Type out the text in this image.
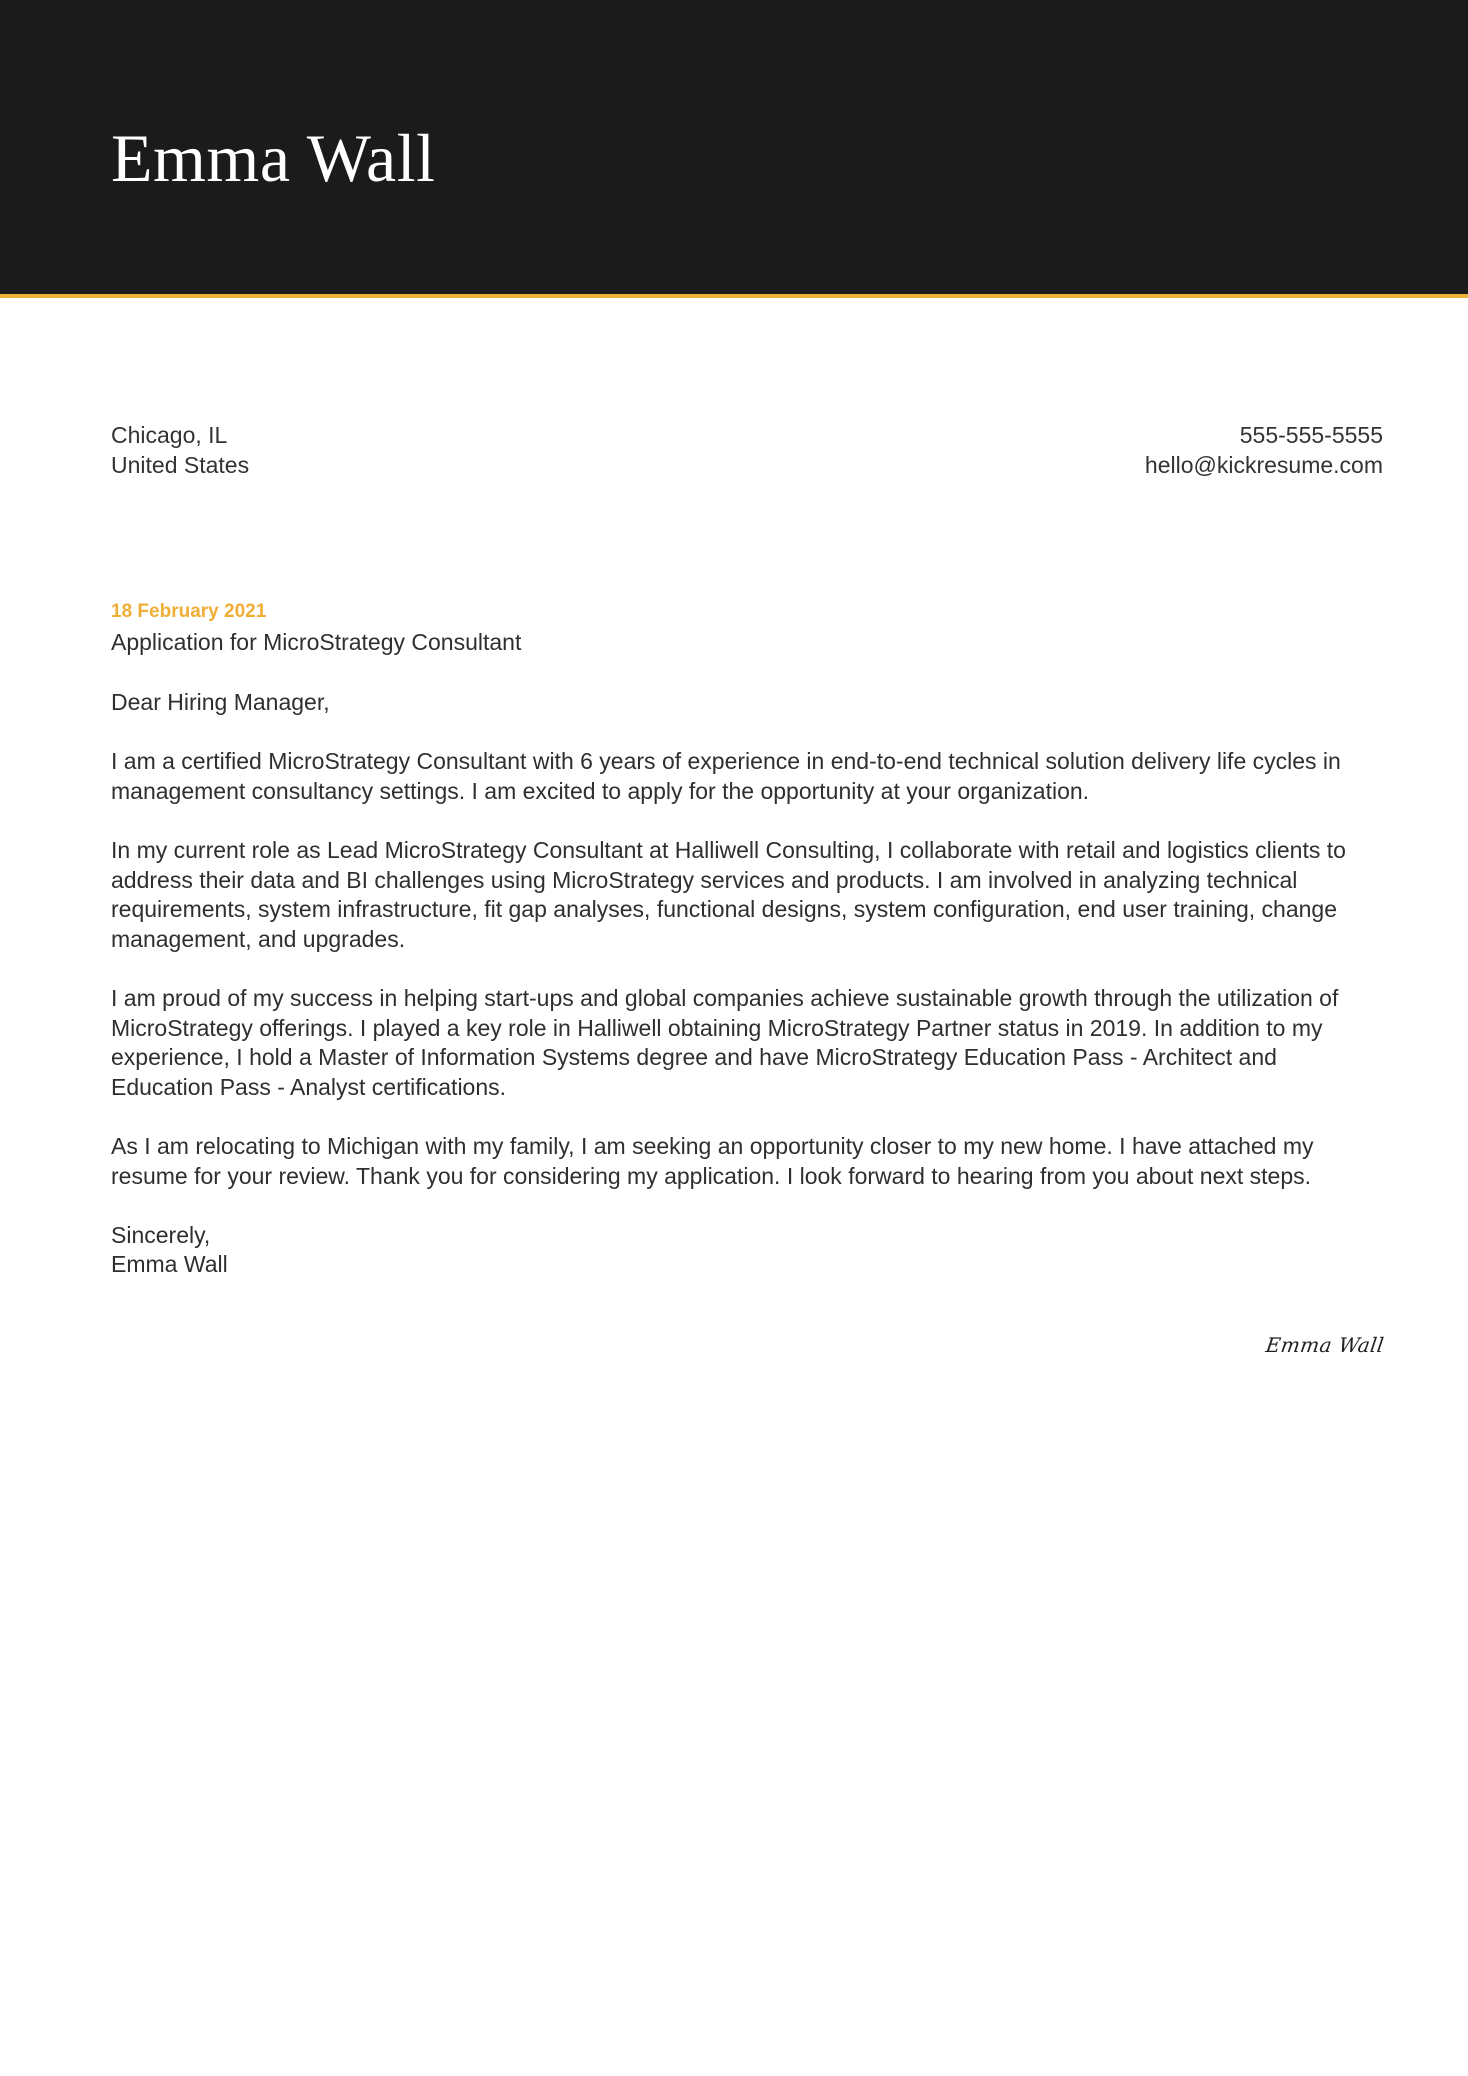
Emma Wall
Chicago, IL
United States
555-555-5555
hello@kickresume.com
18 February 2021
Application for MicroStrategy Consultant
Dear Hiring Manager,

I am a certified MicroStrategy Consultant with 6 years of experience in end-to-end technical solution delivery life cycles in management consultancy settings. I am excited to apply for the opportunity at your organization.

In my current role as Lead MicroStrategy Consultant at Halliwell Consulting, I collaborate with retail and logistics clients to address their data and BI challenges using MicroStrategy services and products. I am involved in analyzing technical requirements, system infrastructure, fit gap analyses, functional designs, system configuration, end user training, change management, and upgrades.

I am proud of my success in helping start-ups and global companies achieve sustainable growth through the utilization of MicroStrategy offerings. I played a key role in Halliwell obtaining MicroStrategy Partner status in 2019. In addition to my experience, I hold a Master of Information Systems degree and have MicroStrategy Education Pass - Architect and Education Pass - Analyst certifications.

As I am relocating to Michigan with my family, I am seeking an opportunity closer to my new home. I have attached my resume for your review. Thank you for considering my application. I look forward to hearing from you about next steps.

Sincerely,
Emma Wall
Emma Wall
